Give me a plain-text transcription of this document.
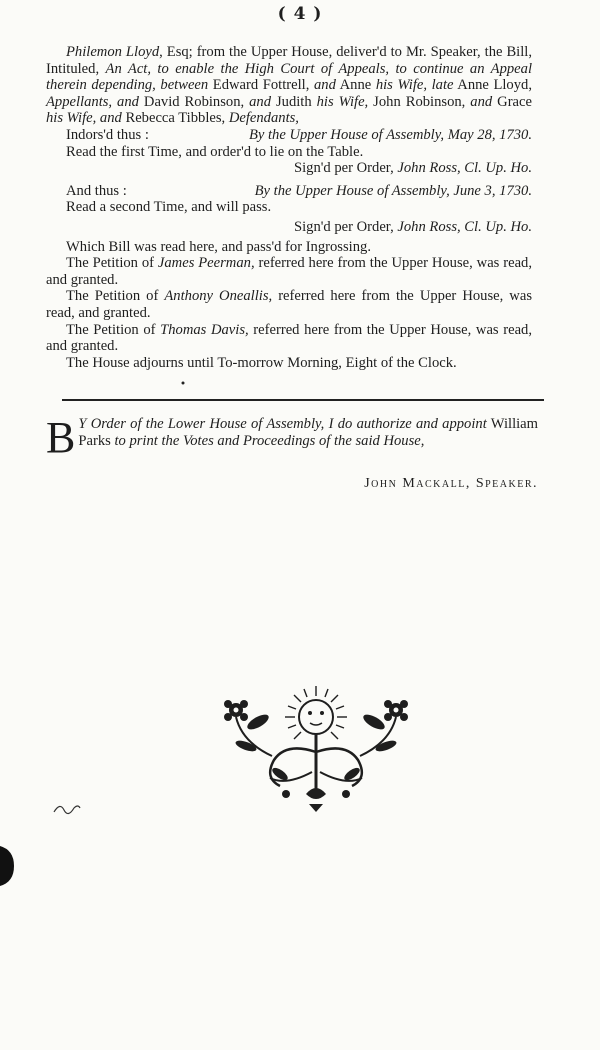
( 4 )

Philemon Lloyd, Esq; from the Upper House, deliver'd to Mr. Speaker, the Bill, Intituled, An Act, to enable the High Court of Appeals, to continue an Appeal therein depending, between Edward Fottrell, and Anne his Wife, late Anne Lloyd, Appellants, and David Robinson, and Judith his Wife, John Robinson, and Grace his Wife, and Rebecca Tibbles, Defendants,

Indors'd thus :	By the Upper House of Assembly, May 28, 1730.

Read the first Time, and order'd to lie on the Table.

Sign'd per Order, John Ross, Cl. Up. Ho.

And thus :	By the Upper House of Assembly, June 3, 1730.

Read a second Time, and will pass.

Sign'd per Order, John Ross, Cl. Up. Ho.

Which Bill was read here, and pass'd for Ingrossing.

The Petition of James Peerman, referred here from the Upper House, was read, and granted.

The Petition of Anthony Oneallis, referred here from the Upper House, was read, and granted.

The Petition of Thomas Davis, referred here from the Upper House, was read, and granted.

The House adjourns until To-morrow Morning, Eight of the Clock.

B Y Order of the Lower House of Assembly, I do authorize and appoint William Parks to print the Votes and Proceedings of the said House,
John Mackall, Speaker.
